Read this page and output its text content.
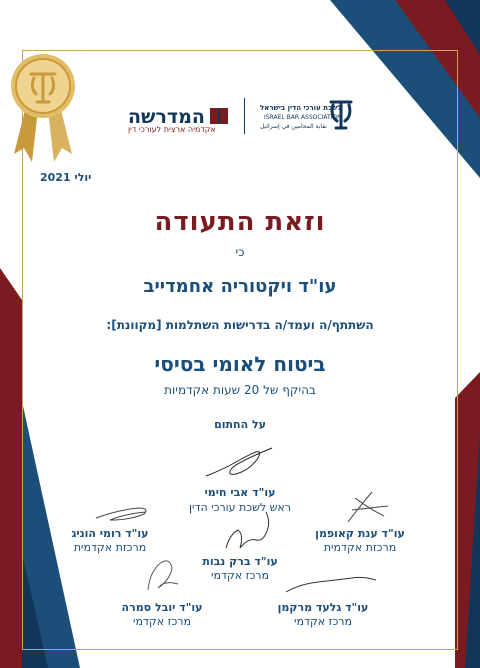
לשכת עורכי הדין בישראל
ISRAEL BAR ASSOCIATION
نقابة المحامين في إسرائيل
המדרשה
אקדמיה ארצית לעורכי דין
יולי 2021
וזאת התעודה
כי
עו"ד ויקטוריה אחמדייב
השתתף/ה ועמד/ה בדרישות השתלמות [מקוונת]:
ביטוח לאומי בסיסי
בהיקף של 20 שעות אקדמיות
על החתום
עו"ד אבי חימי
ראש לשכת עורכי הדין
עו"ד ענת קאופמן
מרכזת אקדמית
עו"ד רומי הוניג
מרכזת אקדמית
עו"ד ברק נבות
מרכז אקדמי
עו"ד גלעד מרקמן
מרכז אקדמי
עו"ד יובל סמרה
מרכז אקדמי
